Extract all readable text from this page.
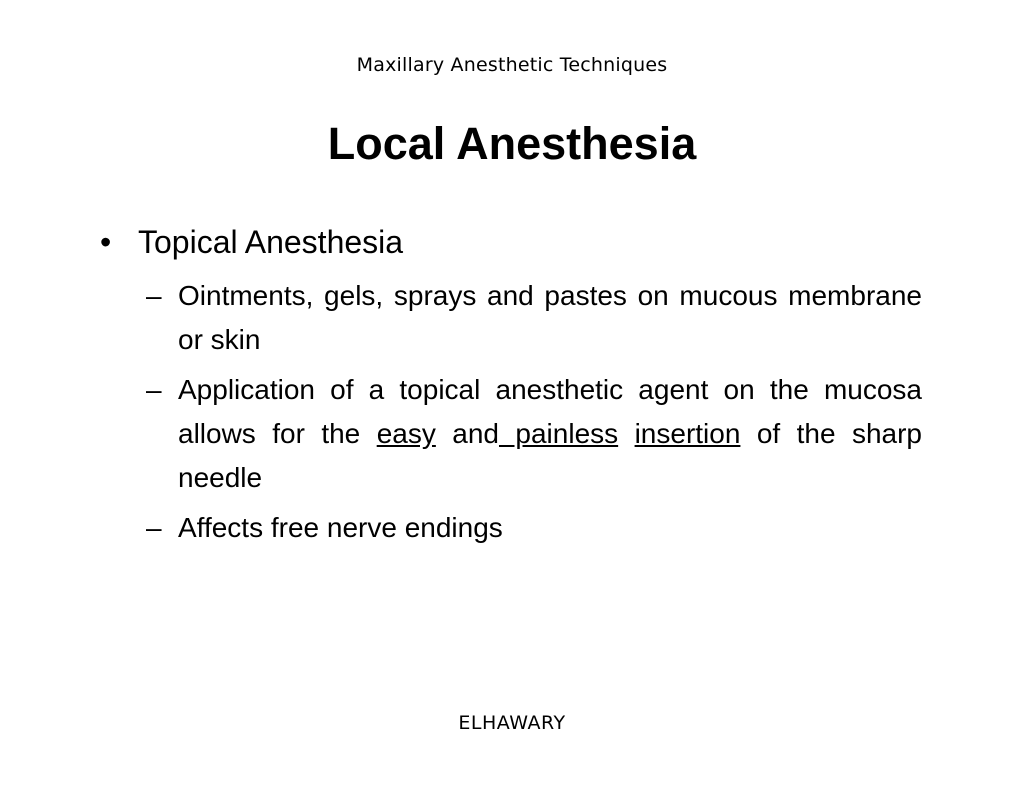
Maxillary Anesthetic Techniques
Local Anesthesia
• Topical Anesthesia
– Ointments, gels, sprays and pastes on mucous membrane or skin
– Application of a topical anesthetic agent on the mucosa allows for the easy and painless insertion of the sharp needle
– Affects free nerve endings
ELHAWARY
